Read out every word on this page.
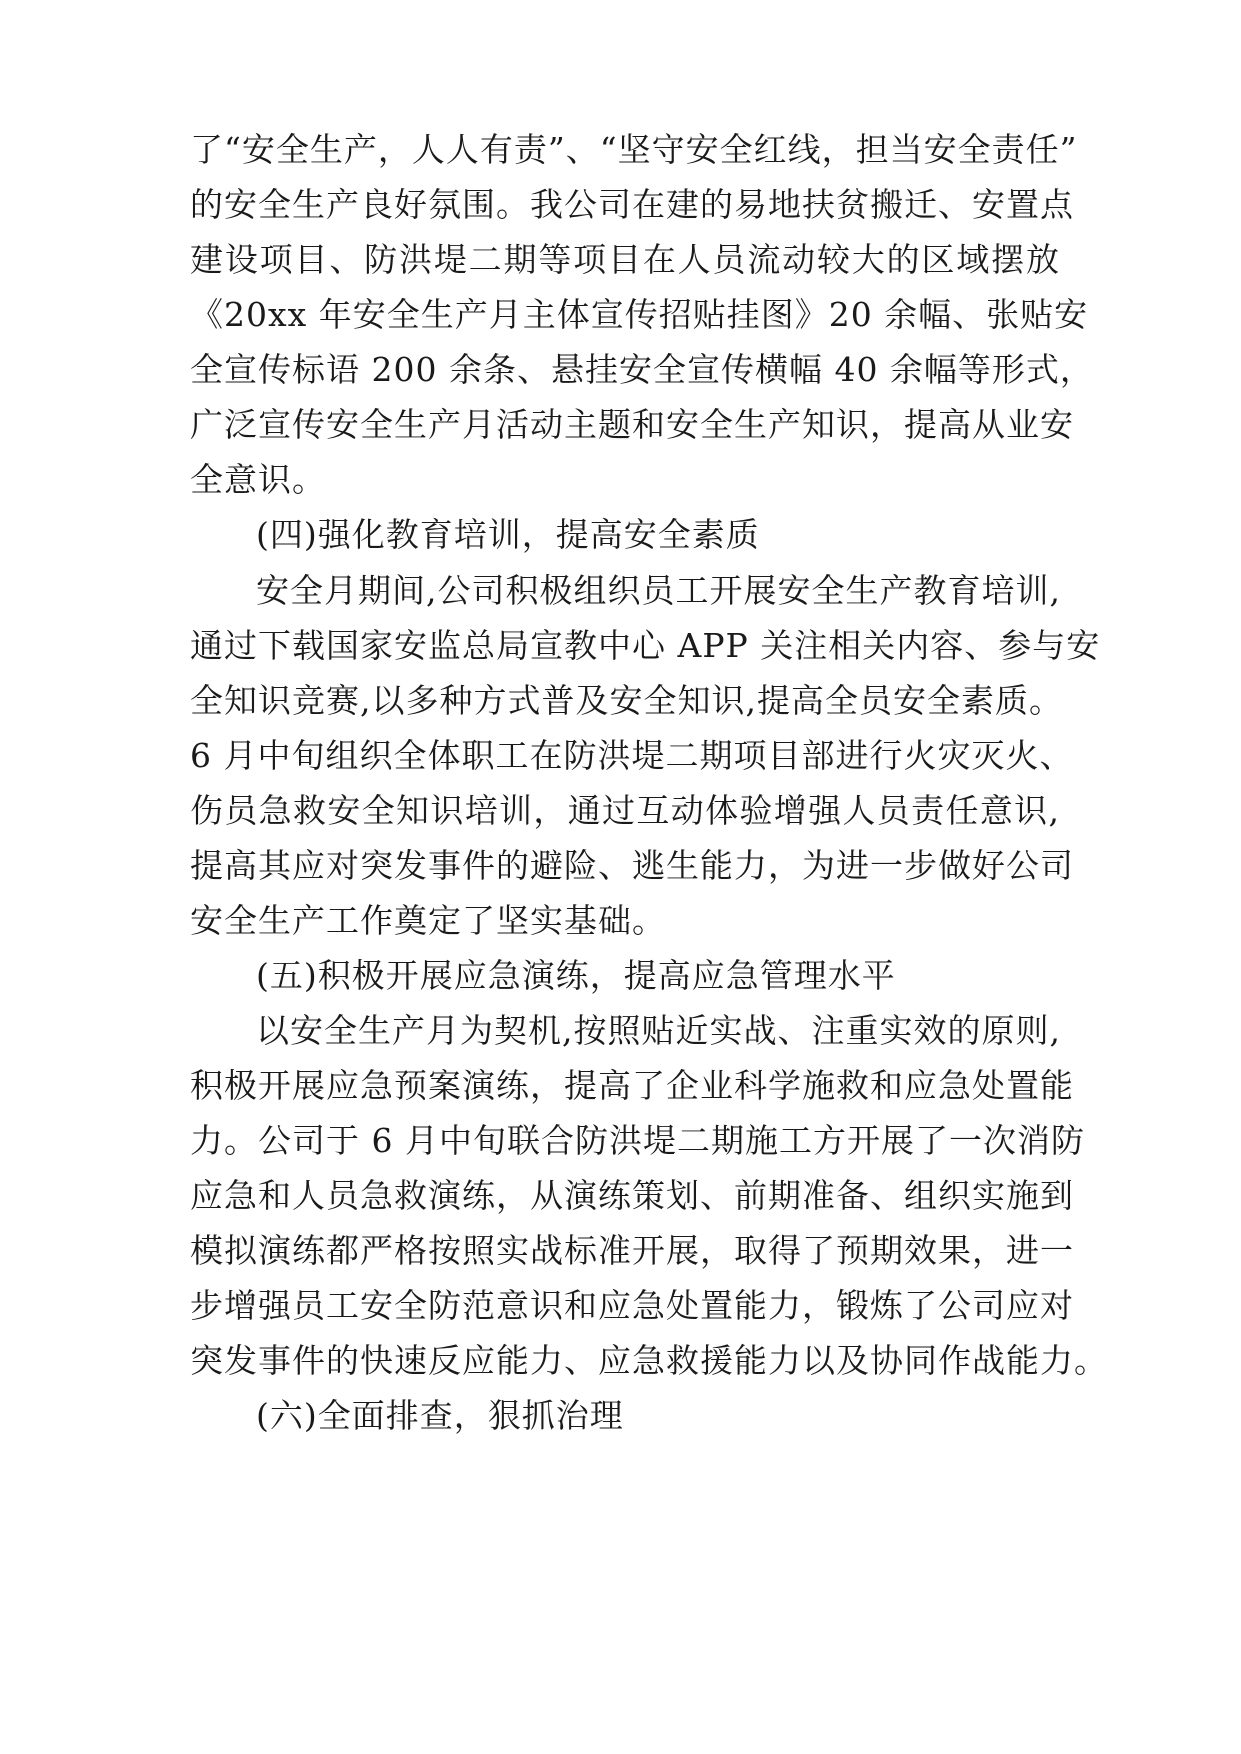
了“安全生产，人人有责”、“坚守安全红线，担当安全责任”
的安全生产良好氛围。我公司在建的易地扶贫搬迁、安置点
建设项目、防洪堤二期等项目在人员流动较大的区域摆放
《20xx 年安全生产月主体宣传招贴挂图》20 余幅、张贴安
全宣传标语 200 余条、悬挂安全宣传横幅 40 余幅等形式，
广泛宣传安全生产月活动主题和安全生产知识，提高从业安
全意识。
(四)强化教育培训，提高安全素质
安全月期间,公司积极组织员工开展安全生产教育培训,
通过下载国家安监总局宣教中心 APP 关注相关内容、参与安
全知识竞赛,以多种方式普及安全知识,提高全员安全素质。
6 月中旬组织全体职工在防洪堤二期项目部进行火灾灭火、
伤员急救安全知识培训，通过互动体验增强人员责任意识,
提高其应对突发事件的避险、逃生能力，为进一步做好公司
安全生产工作奠定了坚实基础。
(五)积极开展应急演练，提高应急管理水平
以安全生产月为契机,按照贴近实战、注重实效的原则,
积极开展应急预案演练，提高了企业科学施救和应急处置能
力。公司于 6 月中旬联合防洪堤二期施工方开展了一次消防
应急和人员急救演练，从演练策划、前期准备、组织实施到
模拟演练都严格按照实战标准开展，取得了预期效果，进一
步增强员工安全防范意识和应急处置能力，锻炼了公司应对
突发事件的快速反应能力、应急救援能力以及协同作战能力。
(六)全面排查，狠抓治理
